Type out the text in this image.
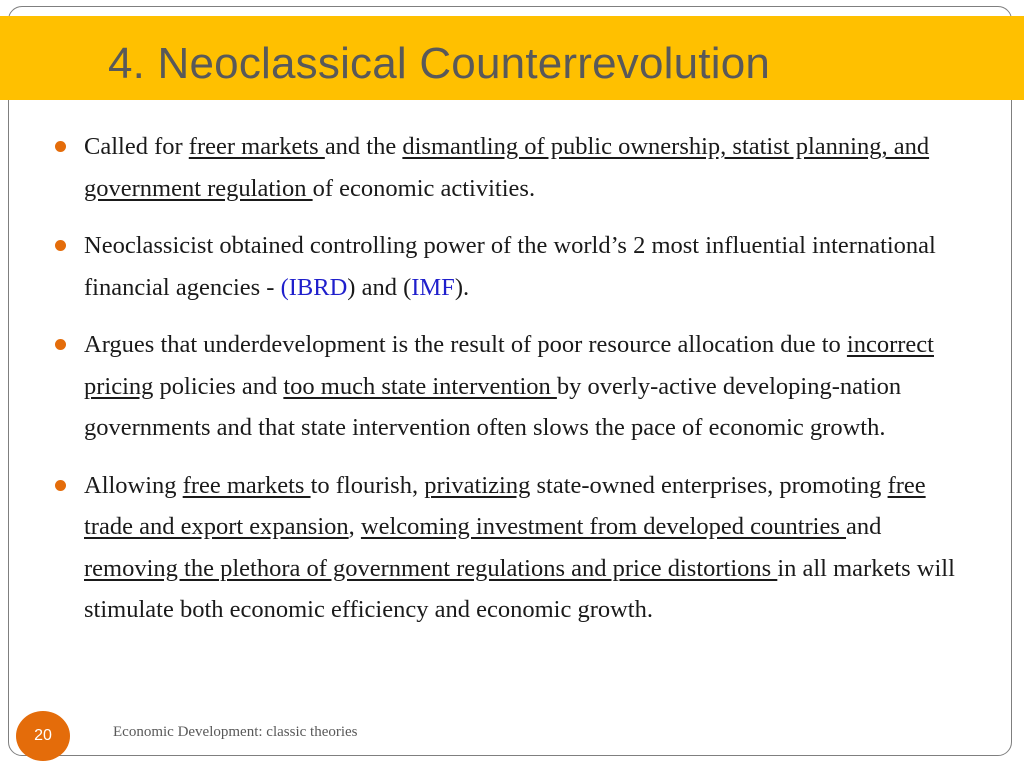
4. Neoclassical Counterrevolution
Called for freer markets and the dismantling of public ownership, statist planning, and government regulation of economic activities.
Neoclassicist obtained controlling power of the world’s 2 most influential international financial agencies - (IBRD) and (IMF).
Argues that underdevelopment is the result of poor resource allocation due to incorrect pricing policies and too much state intervention by overly-active developing-nation governments and that state intervention often slows the pace of economic growth.
Allowing free markets to flourish, privatizing state-owned enterprises, promoting free trade and export expansion, welcoming investment from developed countries and removing the plethora of government regulations and price distortions in all markets will stimulate both economic efficiency and economic growth.
20	Economic Development: classic theories
